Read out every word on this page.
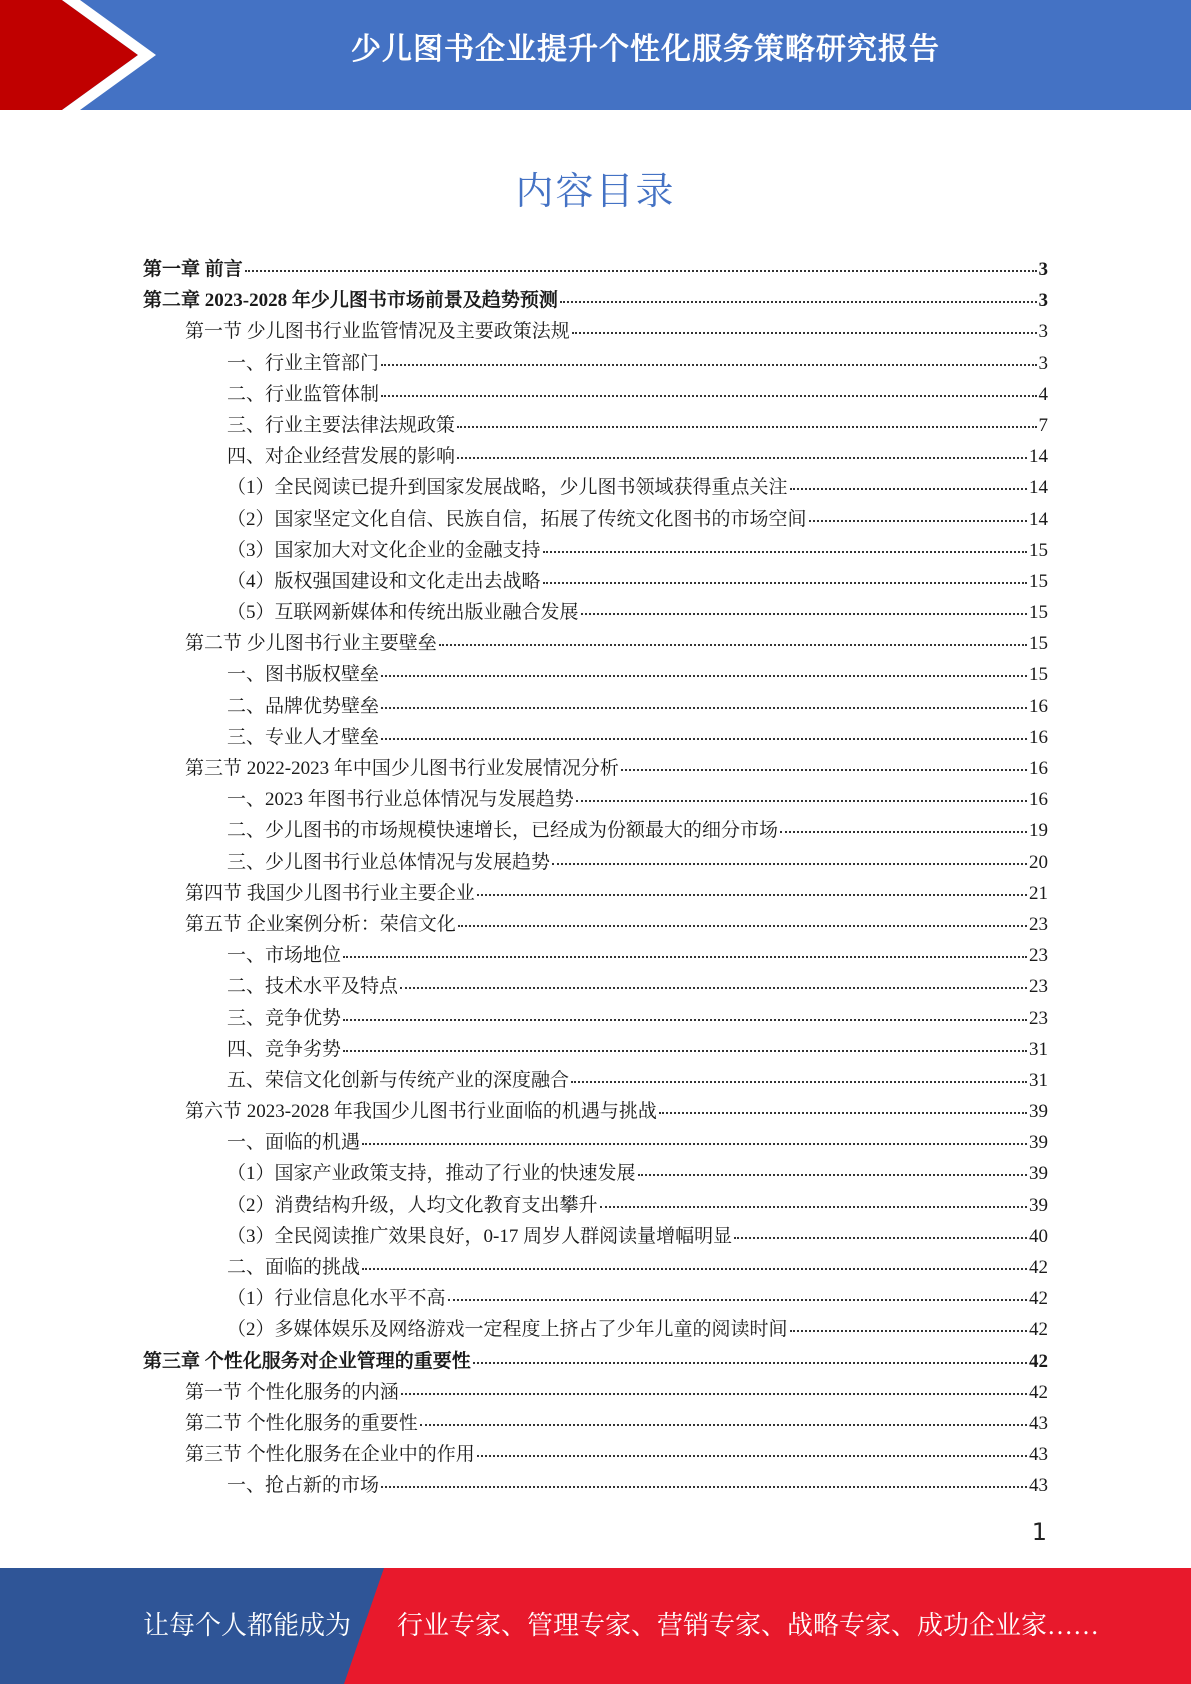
少儿图书企业提升个性化服务策略研究报告
内容目录
第一章 前言	3
第二章 2023-2028 年少儿图书市场前景及趋势预测	3
第一节 少儿图书行业监管情况及主要政策法规	3
一、行业主管部门	3
二、行业监管体制	4
三、行业主要法律法规政策	7
四、对企业经营发展的影响	14
（1）全民阅读已提升到国家发展战略，少儿图书领域获得重点关注	14
（2）国家坚定文化自信、民族自信，拓展了传统文化图书的市场空间	14
（3）国家加大对文化企业的金融支持	15
（4）版权强国建设和文化走出去战略	15
（5）互联网新媒体和传统出版业融合发展	15
第二节 少儿图书行业主要壁垒	15
一、图书版权壁垒	15
二、品牌优势壁垒	16
三、专业人才壁垒	16
第三节 2022-2023 年中国少儿图书行业发展情况分析	16
一、2023 年图书行业总体情况与发展趋势	16
二、少儿图书的市场规模快速增长，已经成为份额最大的细分市场	19
三、少儿图书行业总体情况与发展趋势	20
第四节 我国少儿图书行业主要企业	21
第五节 企业案例分析：荣信文化	23
一、市场地位	23
二、技术水平及特点	23
三、竞争优势	23
四、竞争劣势	31
五、荣信文化创新与传统产业的深度融合	31
第六节 2023-2028 年我国少儿图书行业面临的机遇与挑战	39
一、面临的机遇	39
（1）国家产业政策支持，推动了行业的快速发展	39
（2）消费结构升级，人均文化教育支出攀升	39
（3）全民阅读推广效果良好，0-17 周岁人群阅读量增幅明显	40
二、面临的挑战	42
（1）行业信息化水平不高	42
（2）多媒体娱乐及网络游戏一定程度上挤占了少年儿童的阅读时间	42
第三章 个性化服务对企业管理的重要性	42
第一节 个性化服务的内涵	42
第二节 个性化服务的重要性	43
第三节 个性化服务在企业中的作用	43
一、抢占新的市场	43
1
让每个人都能成为 行业专家、管理专家、营销专家、战略专家、成功企业家……
